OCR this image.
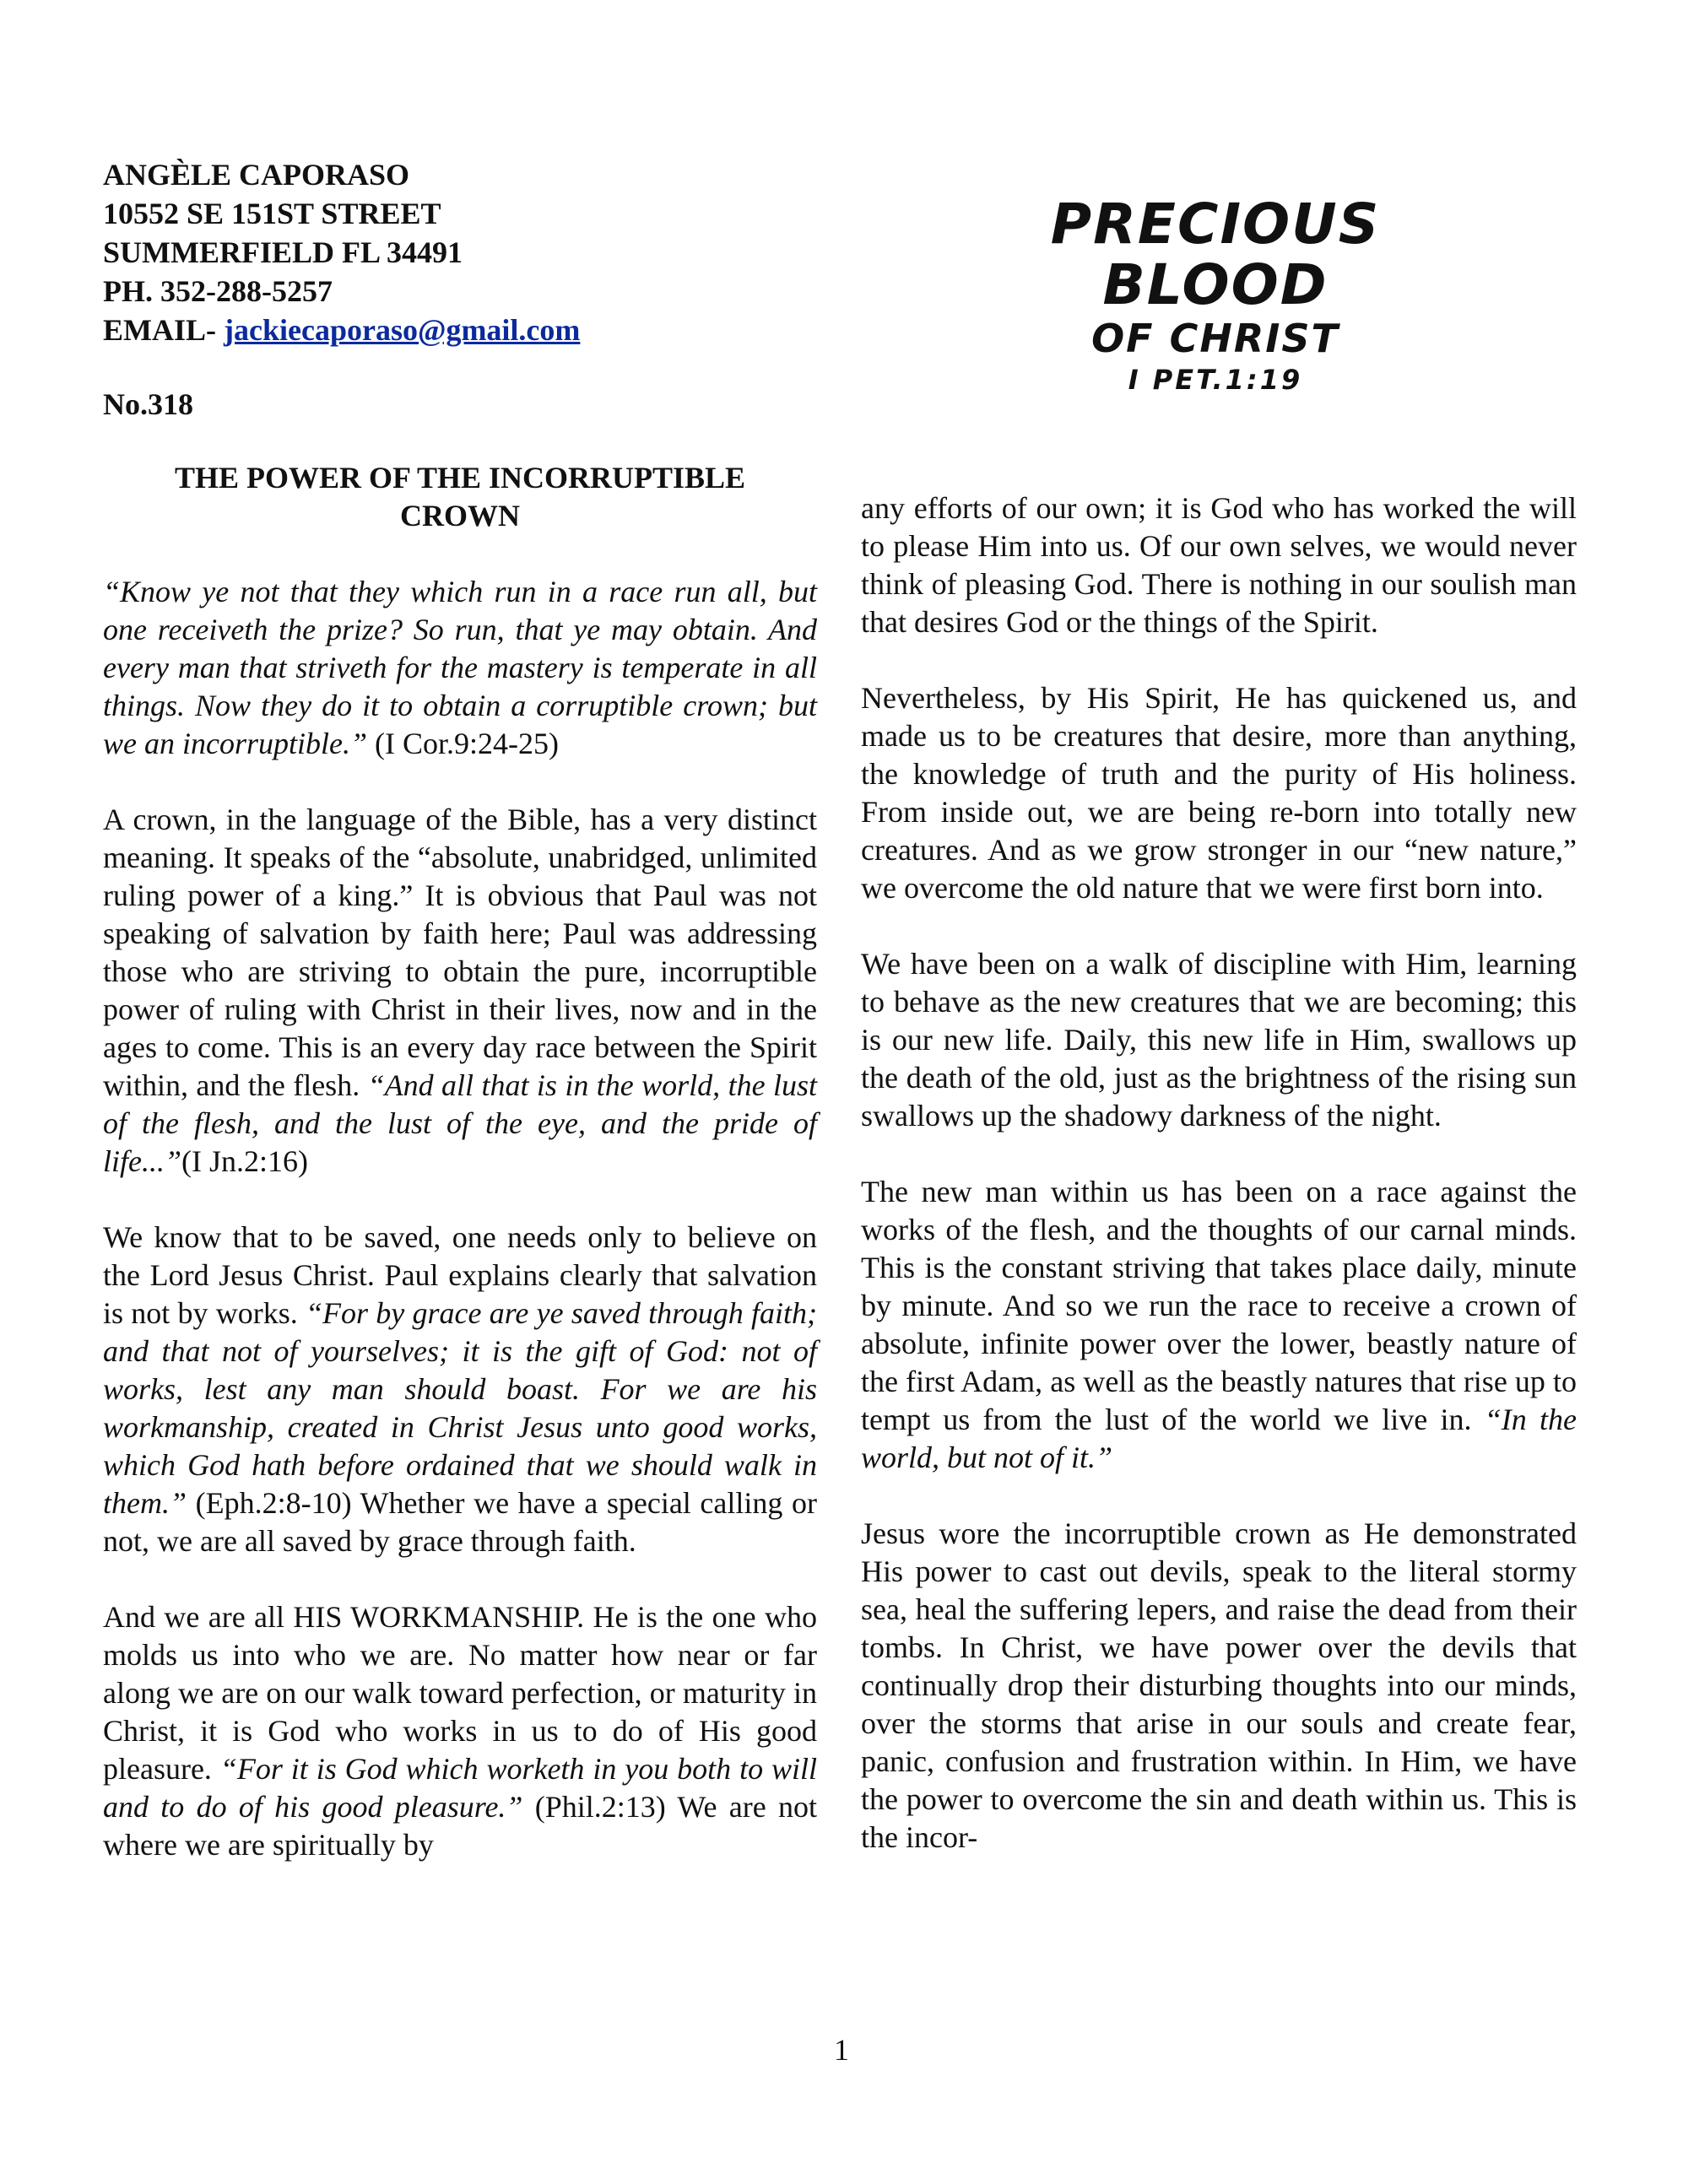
ANGÈLE CAPORASO
10552 SE 151ST STREET
SUMMERFIELD FL 34491
PH. 352-288-5257
EMAIL- jackiecaporaso@gmail.com
PRECIOUS BLOOD
OF CHRIST
I PET.1:19
No.318
THE POWER OF THE INCORRUPTIBLE
CROWN

“Know ye not that they which run in a race run all, but one receiveth the prize? So run, that ye may obtain. And every man that striveth for the mastery is temperate in all things. Now they do it to obtain a corruptible crown; but we an incorruptible.” (I Cor.9:24-25)

A crown, in the language of the Bible, has a very distinct meaning. It speaks of the “absolute, unabridged, unlimited ruling power of a king.” It is obvious that Paul was not speaking of salvation by faith here; Paul was addressing those who are striving to obtain the pure, incorruptible power of ruling with Christ in their lives, now and in the ages to come. This is an every day race between the Spirit within, and the flesh. “And all that is in the world, the lust of the flesh, and the lust of the eye, and the pride of life...”(I Jn.2:16)

We know that to be saved, one needs only to believe on the Lord Jesus Christ. Paul explains clearly that salvation is not by works. “For by grace are ye saved through faith; and that not of yourselves; it is the gift of God: not of works, lest any man should boast. For we are his workmanship, created in Christ Jesus unto good works, which God hath before ordained that we should walk in them.” (Eph.2:8-10) Whether we have a special calling or not, we are all saved by grace through faith.

And we are all HIS WORKMANSHIP. He is the one who molds us into who we are. No matter how near or far along we are on our walk toward perfection, or maturity in Christ, it is God who works in us to do of His good pleasure. “For it is God which worketh in you both to will and to do of his good pleasure.” (Phil.2:13) We are not where we are spiritually by

any efforts of our own; it is God who has worked the will to please Him into us. Of our own selves, we would never think of pleasing God. There is nothing in our soulish man that desires God or the things of the Spirit.

Nevertheless, by His Spirit, He has quickened us, and made us to be creatures that desire, more than anything, the knowledge of truth and the purity of His holiness. From inside out, we are being re-born into totally new creatures. And as we grow stronger in our “new nature,” we overcome the old nature that we were first born into.

We have been on a walk of discipline with Him, learning to behave as the new creatures that we are becoming; this is our new life. Daily, this new life in Him, swallows up the death of the old, just as the brightness of the rising sun swallows up the shadowy darkness of the night.

The new man within us has been on a race against the works of the flesh, and the thoughts of our carnal minds. This is the constant striving that takes place daily, minute by minute. And so we run the race to receive a crown of absolute, infinite power over the lower, beastly nature of the first Adam, as well as the beastly natures that rise up to tempt us from the lust of the world we live in. “In the world, but not of it.”

Jesus wore the incorruptible crown as He demonstrated His power to cast out devils, speak to the literal stormy sea, heal the suffering lepers, and raise the dead from their tombs. In Christ, we have power over the devils that continually drop their disturbing thoughts into our minds, over the storms that arise in our souls and create fear, panic, confusion and frustration within. In Him, we have the power to overcome the sin and death within us. This is the incor-

1
